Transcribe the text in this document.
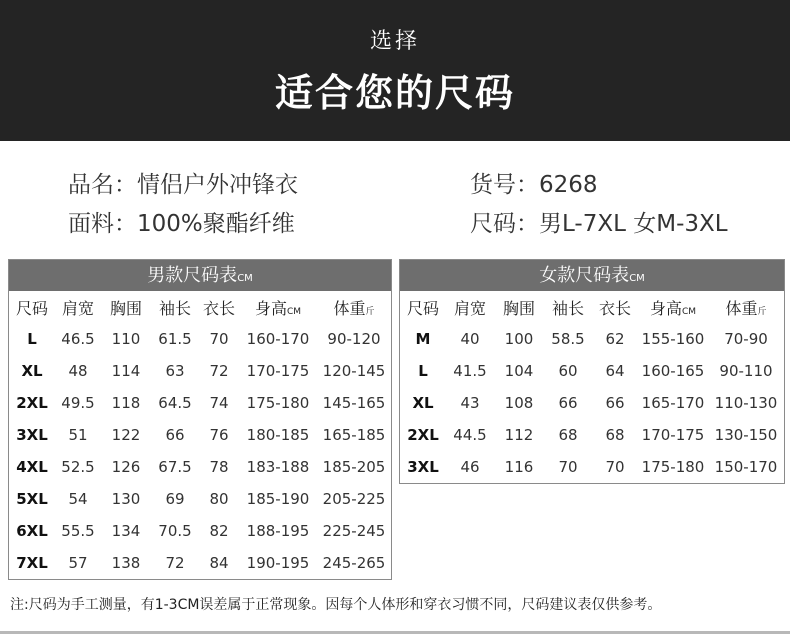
选择
适合您的尺码
品名：情侣户外冲锋衣	货号：6268
面料：100%聚酯纤维	尺码：男L-7XL 女M-3XL
男款尺码表CM
尺码	肩宽	胸围	袖长	衣长	身高CM	体重斤
L	46.5	110	61.5	70	160-170	90-120
XL	48	114	63	72	170-175	120-145
2XL	49.5	118	64.5	74	175-180	145-165
3XL	51	122	66	76	180-185	165-185
4XL	52.5	126	67.5	78	183-188	185-205
5XL	54	130	69	80	185-190	205-225
6XL	55.5	134	70.5	82	188-195	225-245
7XL	57	138	72	84	190-195	245-265
女款尺码表CM
尺码	肩宽	胸围	袖长	衣长	身高CM	体重斤
M	40	100	58.5	62	155-160	70-90
L	41.5	104	60	64	160-165	90-110
XL	43	108	66	66	165-170	110-130
2XL	44.5	112	68	68	170-175	130-150
3XL	46	116	70	70	175-180	150-170
注:尺码为手工测量，有1-3CM误差属于正常现象。因每个人体形和穿衣习惯不同，尺码建议表仅供参考。
